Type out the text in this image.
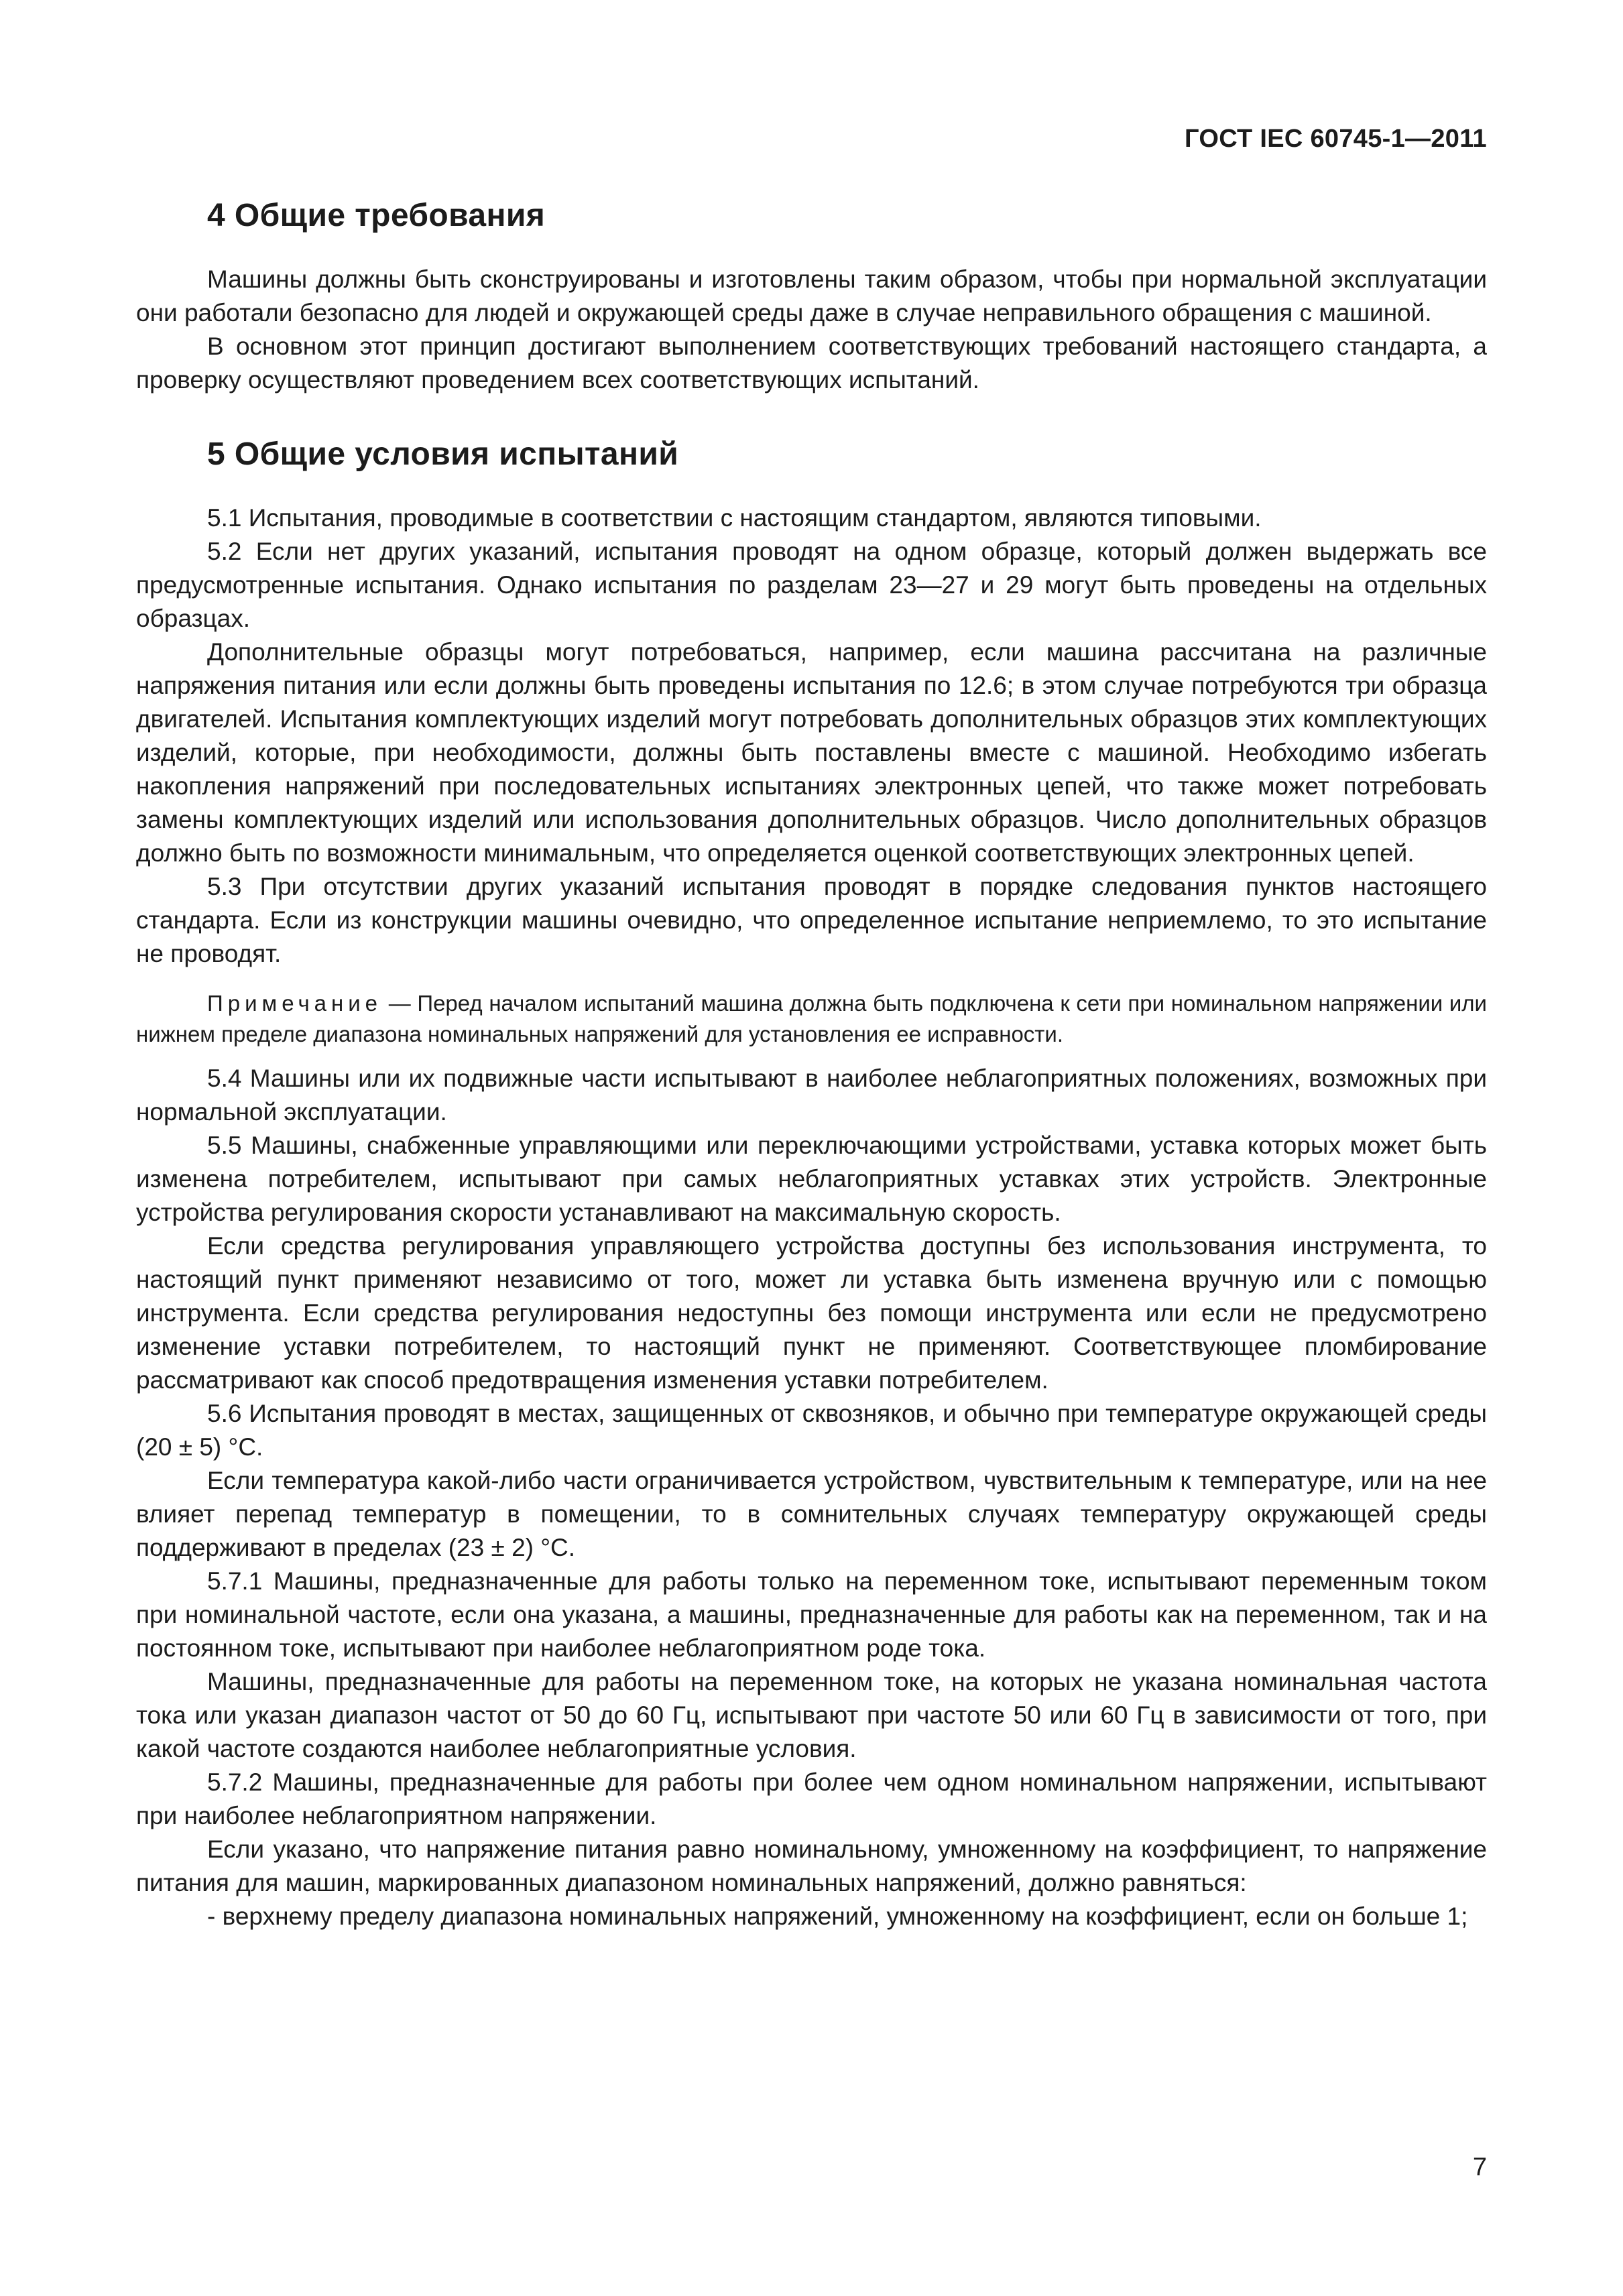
ГОСТ IEC 60745-1—2011
4 Общие требования

Машины должны быть сконструированы и изготовлены таким образом, чтобы при нормальной эксплуатации они работали безопасно для людей и окружающей среды даже в случае неправильного обращения с машиной.

В основном этот принцип достигают выполнением соответствующих требований настоящего стандарта, а проверку осуществляют проведением всех соответствующих испытаний.

5 Общие условия испытаний

5.1 Испытания, проводимые в соответствии с настоящим стандартом, являются типовыми.

5.2 Если нет других указаний, испытания проводят на одном образце, который должен выдержать все предусмотренные испытания. Однако испытания по разделам 23—27 и 29 могут быть проведены на отдельных образцах.

Дополнительные образцы могут потребоваться, например, если машина рассчитана на различные напряжения питания или если должны быть проведены испытания по 12.6; в этом случае потребуются три образца двигателей. Испытания комплектующих изделий могут потребовать дополнительных образцов этих комплектующих изделий, которые, при необходимости, должны быть поставлены вместе с машиной. Необходимо избегать накопления напряжений при последовательных испытаниях электронных цепей, что также может потребовать замены комплектующих изделий или использования дополнительных образцов. Число дополнительных образцов должно быть по возможности минимальным, что определяется оценкой соответствующих электронных цепей.

5.3 При отсутствии других указаний испытания проводят в порядке следования пунктов настоящего стандарта. Если из конструкции машины очевидно, что определенное испытание неприемлемо, то это испытание не проводят.

Примечание — Перед началом испытаний машина должна быть подключена к сети при номинальном напряжении или нижнем пределе диапазона номинальных напряжений для установления ее исправности.

5.4 Машины или их подвижные части испытывают в наиболее неблагоприятных положениях, возможных при нормальной эксплуатации.

5.5 Машины, снабженные управляющими или переключающими устройствами, уставка которых может быть изменена потребителем, испытывают при самых неблагоприятных уставках этих устройств. Электронные устройства регулирования скорости устанавливают на максимальную скорость.

Если средства регулирования управляющего устройства доступны без использования инструмента, то настоящий пункт применяют независимо от того, может ли уставка быть изменена вручную или с помощью инструмента. Если средства регулирования недоступны без помощи инструмента или если не предусмотрено изменение уставки потребителем, то настоящий пункт не применяют. Соответствующее пломбирование рассматривают как способ предотвращения изменения уставки потребителем.

5.6 Испытания проводят в местах, защищенных от сквозняков, и обычно при температуре окружающей среды (20 ± 5) °С.

Если температура какой-либо части ограничивается устройством, чувствительным к температуре, или на нее влияет перепад температур в помещении, то в сомнительных случаях температуру окружающей среды поддерживают в пределах (23 ± 2) °С.

5.7.1 Машины, предназначенные для работы только на переменном токе, испытывают переменным током при номинальной частоте, если она указана, а машины, предназначенные для работы как на переменном, так и на постоянном токе, испытывают при наиболее неблагоприятном роде тока.

Машины, предназначенные для работы на переменном токе, на которых не указана номинальная частота тока или указан диапазон частот от 50 до 60 Гц, испытывают при частоте 50 или 60 Гц в зависимости от того, при какой частоте создаются наиболее неблагоприятные условия.

5.7.2 Машины, предназначенные для работы при более чем одном номинальном напряжении, испытывают при наиболее неблагоприятном напряжении.

Если указано, что напряжение питания равно номинальному, умноженному на коэффициент, то напряжение питания для машин, маркированных диапазоном номинальных напряжений, должно равняться:

- верхнему пределу диапазона номинальных напряжений, умноженному на коэффициент, если он больше 1;

7
